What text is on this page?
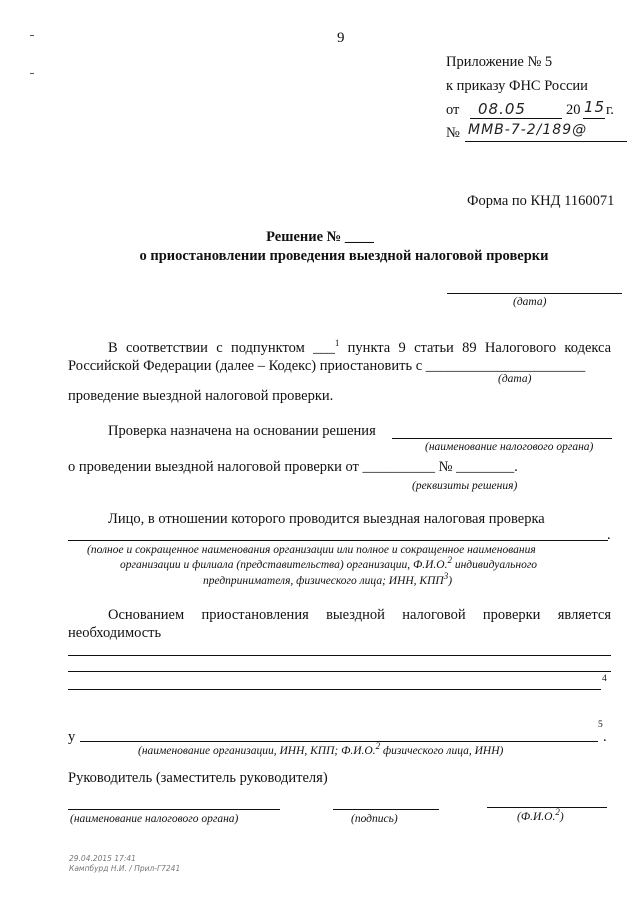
9
Приложение № 5
к приказу ФНС России
от 08.05	20 15 г.
№ ММВ-7-2/189@
Форма по КНД 1160071
Решение № ____
о приостановлении проведения выездной налоговой проверки
(дата)
В соответствии с подпунктом ___$^1$ пункта 9 статьи 89 Налогового кодекса
Российской Федерации (далее – Кодекс) приостановить с ______________________
(дата)
проведение выездной налоговой проверки.
Проверка назначена на основании решения
(наименование налогового органа)
о проведении выездной налоговой проверки от __________ № ________.
(реквизиты решения)
Лицо, в отношении которого проводится выездная налоговая проверка
.
(полное и сокращенное наименования организации или полное и сокращенное наименования
организации и филиала (представительства) организации, Ф.И.О.$^2$ индивидуального
предпринимателя, физического лица; ИНН, КПП$^3$)
Основанием приостановления выездной налоговой проверки является
необходимость
4
у
5
.
(наименование организации, ИНН, КПП; Ф.И.О.$^2$ физического лица, ИНН)
Руководитель (заместитель руководителя)
(наименование налогового органа)	(подпись)	(Ф.И.О.$^2$)
29.04.2015 17:41
Кампбурд Н.И. / Прил-Г7241
